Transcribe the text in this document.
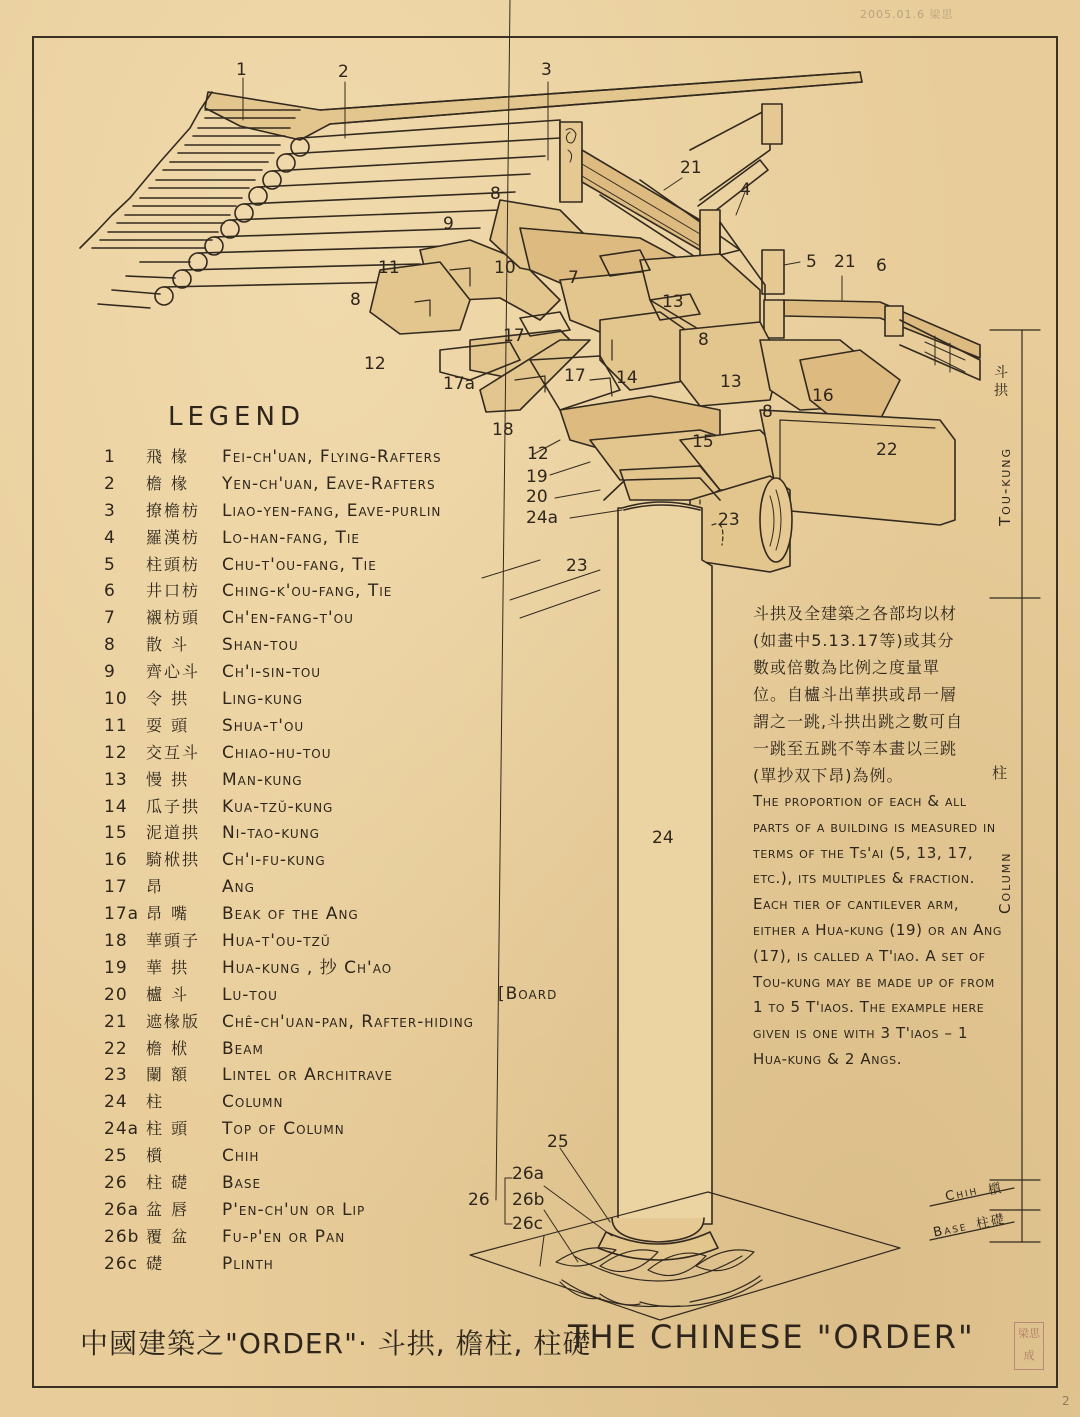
2005.01.6 梁思
1	2	3
21
4
8
9
10	7
11
8
5 21 6
13
8
17
12
17a	17 14	13
16
8
18
15	22
12
19
20
24a	23
23
24
25
26a
26 26b
26c
LEGEND
1	飛 椽	Fei-ch'uan, Flying-Rafters
2	檐 椽	Yen-ch'uan, Eave-Rafters
3	撩檐枋	Liao-yen-fang, Eave-purlin
4	羅漢枋	Lo-han-fang, Tie
5	柱頭枋	Chu-t'ou-fang, Tie
6	井口枋	Ching-k'ou-fang, Tie
7	襯枋頭	Ch'en-fang-t'ou
8	散 斗	Shan-tou
9	齊心斗	Ch'i-sin-tou
10	令 拱	Ling-kung
11	耍 頭	Shua-t'ou
12	交互斗	Chiao-hu-tou
13	慢 拱	Man-kung
14	瓜子拱	Kua-tzŭ-kung
15	泥道拱	Ni-tao-kung
16	騎栿拱	Ch'i-fu-kung
17	昂	Ang
17a 昂 嘴	Beak of the Ang
18	華頭子	Hua-t'ou-tzŭ
19	華 拱	Hua-kung , 抄 Ch'ao
20	櫨 斗	Lu-tou
21	遮椽版	Chê-ch'uan-pan, Rafter-hiding
22	檐 栿	Beam
23	闌 額	Lintel or Architrave
24	柱	Column
24a 柱 頭	Top of Column
25	櫍	Chih
26	柱 礎	Base
26a 盆 唇	P'en-ch'un or Lip
26b 覆 盆	Fu-p'en or Pan
26c 礎	Plinth
[Board
斗拱及全建築之各部均以材(如畫中5.13.17等)或其分數或倍數為比例之度量單位。自櫨斗出華拱或昂一層謂之一跳,斗拱出跳之數可自一跳至五跳不等本畫以三跳(單抄双下昂)為例。
The proportion of each & all parts of a building is measured in terms of the Ts'ai (5, 13, 17, etc.), its multiples & fraction. Each tier of cantilever arm, either a Hua-kung (19) or an Ang (17), is called a T'iao. A set of Tou-kung may be made up of from 1 to 5 T'iaos. The example here given is one with 3 T'iaos – 1 Hua-kung & 2 Angs.
Tou-kung
斗拱
Column
柱
Chih 櫍
Base 柱礎
中國建築之"ORDER"· 斗拱, 檐柱, 柱礎
THE CHINESE "ORDER"	梁思成
2
